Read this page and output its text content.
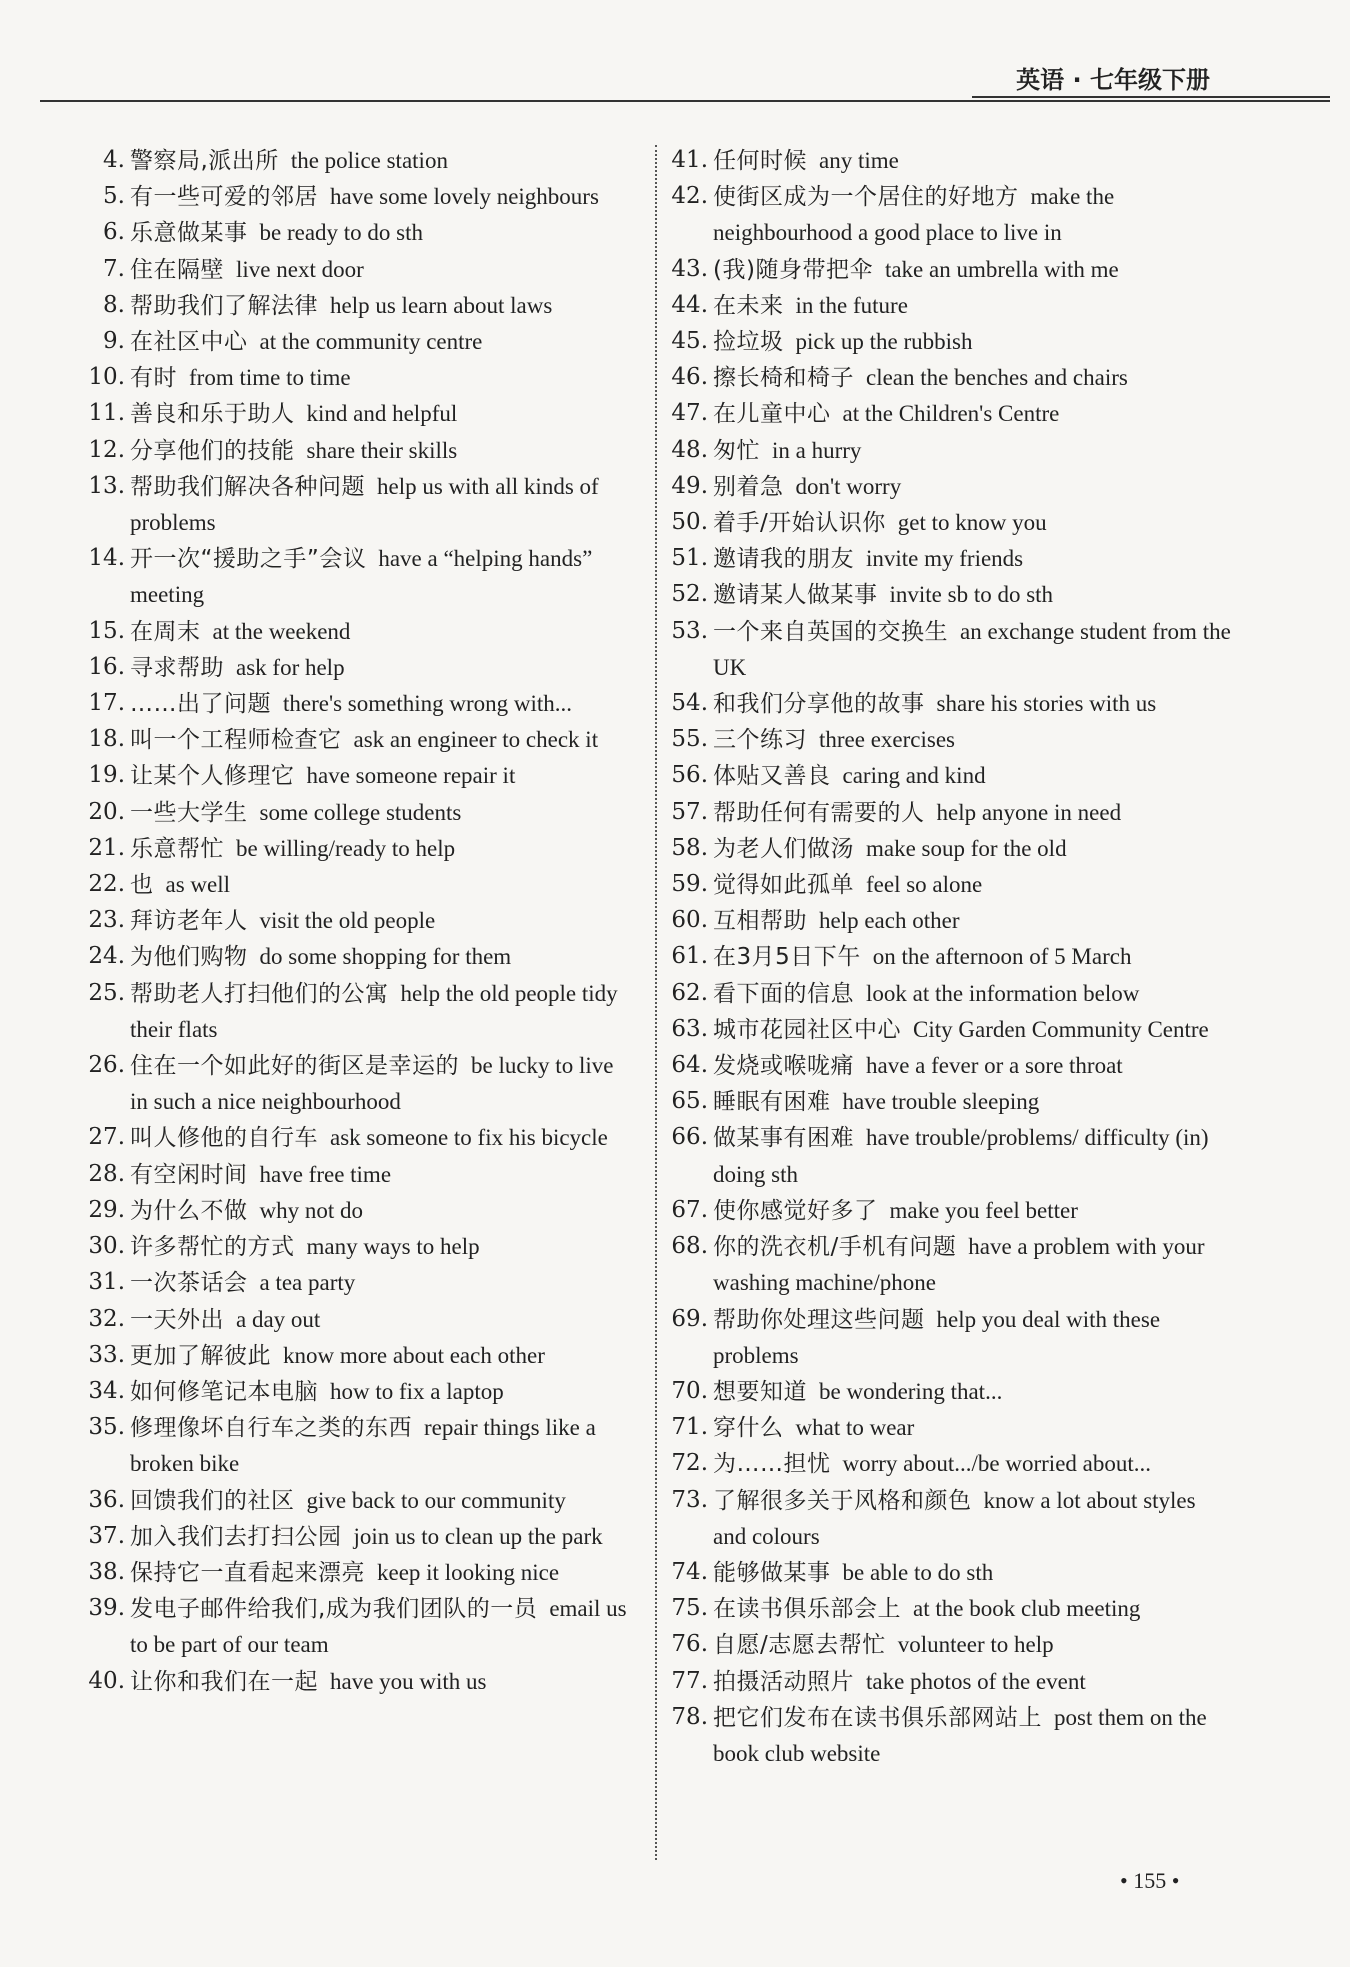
英语 · 七年级下册
4. 警察局,派出所 the police station
5. 有一些可爱的邻居 have some lovely neighbours
6. 乐意做某事 be ready to do sth
7. 住在隔壁 live next door
8. 帮助我们了解法律 help us learn about laws
9. 在社区中心 at the community centre
10. 有时 from time to time
11. 善良和乐于助人 kind and helpful
12. 分享他们的技能 share their skills
13. 帮助我们解决各种问题 help us with all kinds of problems
14. 开一次“援助之手”会议 have a “helping hands” meeting
15. 在周末 at the weekend
16. 寻求帮助 ask for help
17. ……出了问题 there's something wrong with...
18. 叫一个工程师检查它 ask an engineer to check it
19. 让某个人修理它 have someone repair it
20. 一些大学生 some college students
21. 乐意帮忙 be willing/ready to help
22. 也 as well
23. 拜访老年人 visit the old people
24. 为他们购物 do some shopping for them
25. 帮助老人打扫他们的公寓 help the old people tidy their flats
26. 住在一个如此好的街区是幸运的 be lucky to live in such a nice neighbourhood
27. 叫人修他的自行车 ask someone to fix his bicycle
28. 有空闲时间 have free time
29. 为什么不做 why not do
30. 许多帮忙的方式 many ways to help
31. 一次茶话会 a tea party
32. 一天外出 a day out
33. 更加了解彼此 know more about each other
34. 如何修笔记本电脑 how to fix a laptop
35. 修理像坏自行车之类的东西 repair things like a broken bike
36. 回馈我们的社区 give back to our community
37. 加入我们去打扫公园 join us to clean up the park
38. 保持它一直看起来漂亮 keep it looking nice
39. 发电子邮件给我们,成为我们团队的一员 email us to be part of our team
40. 让你和我们在一起 have you with us
41. 任何时候 any time
42. 使街区成为一个居住的好地方 make the neighbourhood a good place to live in
43. (我)随身带把伞 take an umbrella with me
44. 在未来 in the future
45. 捡垃圾 pick up the rubbish
46. 擦长椅和椅子 clean the benches and chairs
47. 在儿童中心 at the Children's Centre
48. 匆忙 in a hurry
49. 别着急 don't worry
50. 着手/开始认识你 get to know you
51. 邀请我的朋友 invite my friends
52. 邀请某人做某事 invite sb to do sth
53. 一个来自英国的交换生 an exchange student from the UK
54. 和我们分享他的故事 share his stories with us
55. 三个练习 three exercises
56. 体贴又善良 caring and kind
57. 帮助任何有需要的人 help anyone in need
58. 为老人们做汤 make soup for the old
59. 觉得如此孤单 feel so alone
60. 互相帮助 help each other
61. 在3月5日下午 on the afternoon of 5 March
62. 看下面的信息 look at the information below
63. 城市花园社区中心 City Garden Community Centre
64. 发烧或喉咙痛 have a fever or a sore throat
65. 睡眠有困难 have trouble sleeping
66. 做某事有困难 have trouble/problems/ difficulty (in) doing sth
67. 使你感觉好多了 make you feel better
68. 你的洗衣机/手机有问题 have a problem with your washing machine/phone
69. 帮助你处理这些问题 help you deal with these problems
70. 想要知道 be wondering that...
71. 穿什么 what to wear
72. 为……担忧 worry about.../be worried about...
73. 了解很多关于风格和颜色 know a lot about styles and colours
74. 能够做某事 be able to do sth
75. 在读书俱乐部会上 at the book club meeting
76. 自愿/志愿去帮忙 volunteer to help
77. 拍摄活动照片 take photos of the event
78. 把它们发布在读书俱乐部网站上 post them on the book club website
• 155 •
